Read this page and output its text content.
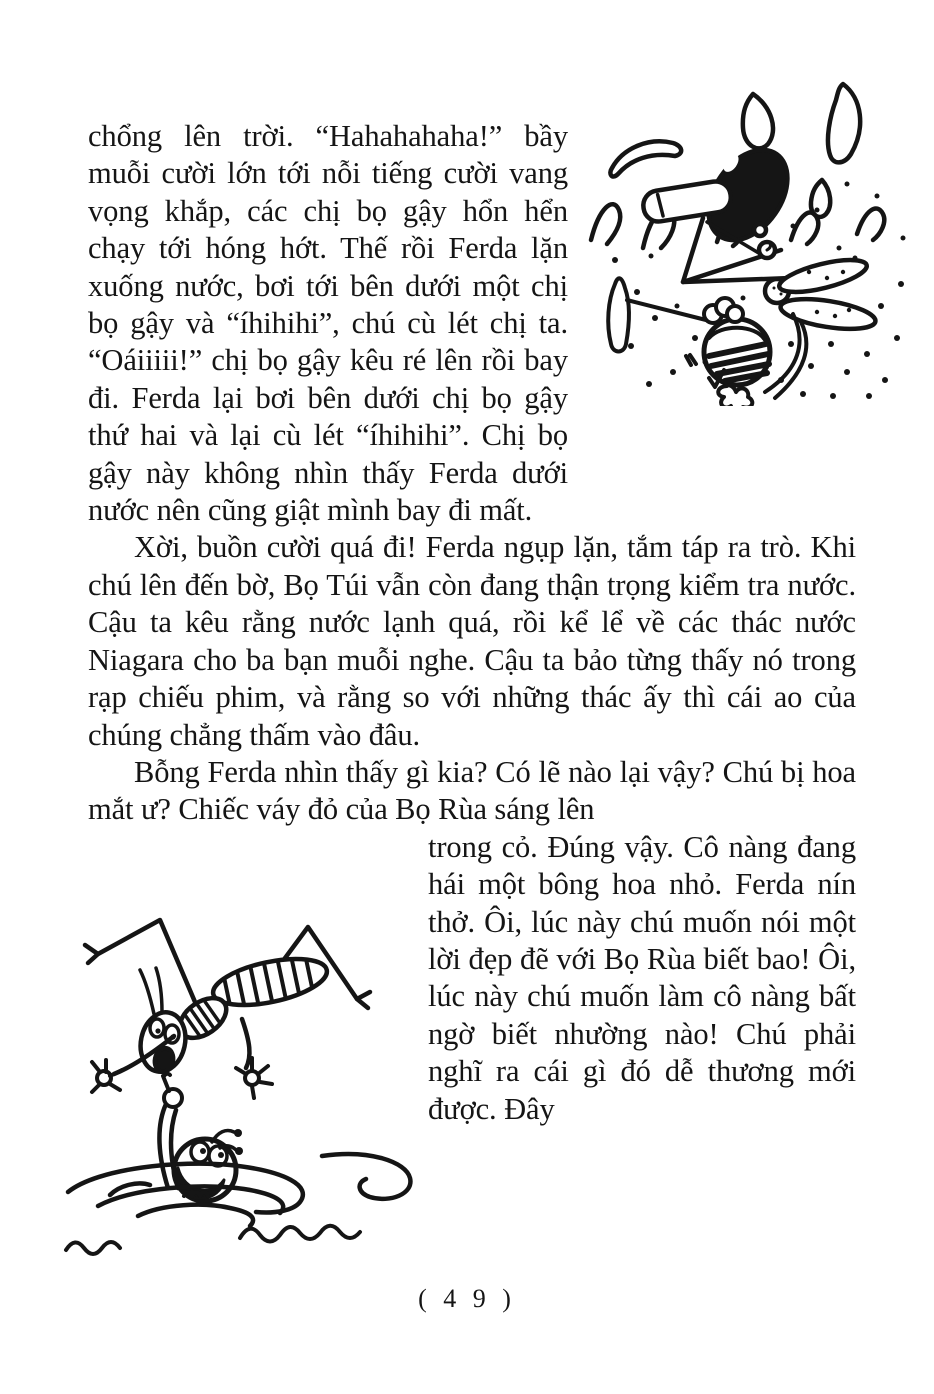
chổng lên trời. “Hahahahaha!” bầy muỗi cười lớn tới nỗi tiếng cười vang vọng khắp, các chị bọ gậy hổn hển chạy tới hóng hớt. Thế rồi Ferda lặn xuống nước, bơi tới bên dưới một chị bọ gậy và “íhihihi”, chú cù lét chị ta. “Oáiiiii!” chị bọ gậy kêu ré lên rồi bay đi. Ferda lại bơi bên dưới chị bọ gậy thứ hai và lại cù lét “íhihihi”. Chị bọ gậy này không nhìn thấy Ferda dưới nước nên cũng giật mình bay đi mất.

Xời, buồn cười quá đi! Ferda ngụp lặn, tắm táp ra trò. Khi chú lên đến bờ, Bọ Túi vẫn còn đang thận trọng kiểm tra nước. Cậu ta kêu rằng nước lạnh quá, rồi kể lể về các thác nước Niagara cho ba bạn muỗi nghe. Cậu ta bảo từng thấy nó trong rạp chiếu phim, và rằng so với những thác ấy thì cái ao của chúng chẳng thấm vào đâu.

Bỗng Ferda nhìn thấy gì kia? Có lẽ nào lại vậy? Chú bị hoa mắt ư? Chiếc váy đỏ của Bọ Rùa sáng lên

trong cỏ. Đúng vậy. Cô nàng đang hái một bông hoa nhỏ. Ferda nín thở. Ôi, lúc này chú muốn nói một lời đẹp đẽ với Bọ Rùa biết bao! Ôi, lúc này chú muốn làm cô nàng bất ngờ biết nhường nào! Chú phải nghĩ ra cái gì đó dễ thương mới được. Đây

( 4 9 )
